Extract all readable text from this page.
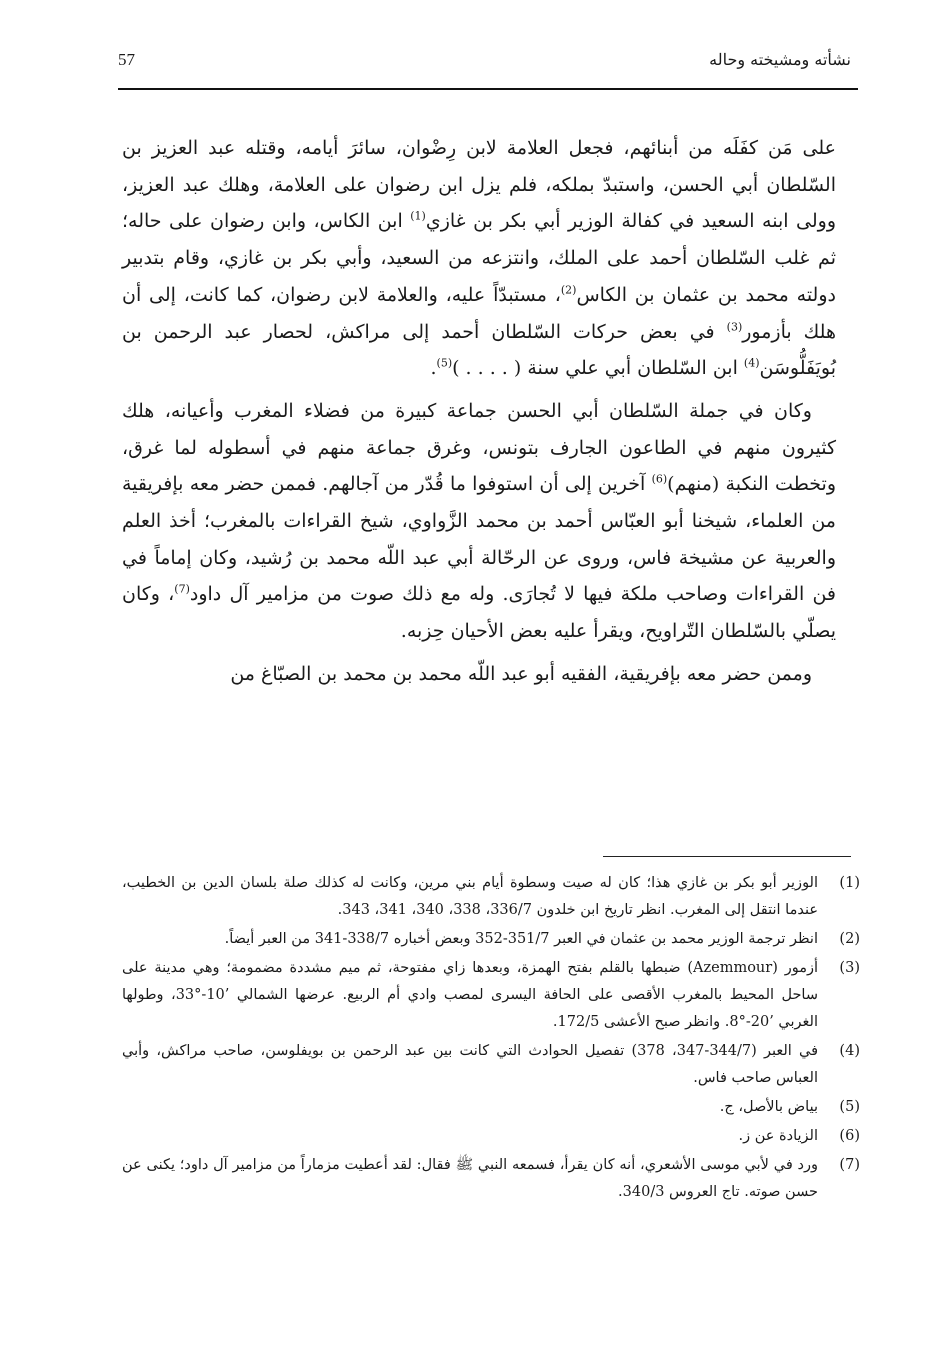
57	نشأته ومشيخته وحاله

على مَن كفَلَه من أبنائهم، فجعل العلامة لابن رِضْوان، سائرَ أيامه، وقتله عبد العزيز بن السّلطان أبي الحسن، واستبدّ بملكه، فلم يزل ابن رضوان على العلامة، وهلك عبد العزيز، وولى ابنه السعيد في كفالة الوزير أبي بكر بن غازي$^{(1)}$ ابن الكاس، وابن رضوان على حاله؛ ثم غلب السّلطان أحمد على الملك، وانتزعه من السعيد، وأبي بكر بن غازي، وقام بتدبير دولته محمد بن عثمان بن الكاس$^{(2)}$، مستبدّاً عليه، والعلامة لابن رضوان، كما كانت، إلى أن هلك بأزمور$^{(3)}$ في بعض حركات السّلطان أحمد إلى مراكش، لحصار عبد الرحمن بن بُويَفَلُّوسَن$^{(4)}$ ابن السّلطان أبي علي سنة ( . . . . )$^{(5)}$.

وكان في جملة السّلطان أبي الحسن جماعة كبيرة من فضلاء المغرب وأعيانه، هلك كثيرون منهم في الطاعون الجارف بتونس، وغرق جماعة منهم في أسطوله لما غرق، وتخطت النكبة (منهم)$^{(6)}$ آخرين إلى أن استوفوا ما قُدّر من آجالهم. فممن حضر معه بإفريقية من العلماء، شيخنا أبو العبّاس أحمد بن محمد الزَّواوي، شيخ القراءات بالمغرب؛ أخذ العلم والعربية عن مشيخة فاس، وروى عن الرحّالة أبي عبد اللّه محمد بن رُشيد، وكان إماماً في فن القراءات وصاحب ملكة فيها لا تُجارَى. وله مع ذلك صوت من مزامير آل داود$^{(7)}$، وكان يصلّي بالسّلطان التّراويح، ويقرأ عليه بعض الأحيان حِزبه.

وممن حضر معه بإفريقية، الفقيه أبو عبد اللّه محمد بن محمد بن الصبّاغ من

(1)
الوزير أبو بكر بن غازي هذا؛ كان له صيت وسطوة أيام بني مرين، وكانت له كذلك صلة بلسان الدين بن الخطيب، عندما انتقل إلى المغرب. انظر تاريخ ابن خلدون 336/7، 338، 340، 341، 343.
(2)
انظر ترجمة الوزير محمد بن عثمان في العبر 351/7-352 وبعض أخباره 338/7-341 من العبر أيضاً.
(3)
أزمور (Azemmour) ضبطها بالقلم بفتح الهمزة، وبعدها زاي مفتوحة، ثم ميم مشددة مضمومة؛ وهي مدينة على ساحل المحيط بالمغرب الأقصى على الحافة اليسرى لمصب وادي أم الربيع. عرضها الشمالي ’10-°33، وطولها الغربي ’20-°8. وانظر صبح الأعشى 172/5.
(4)
في العبر (344/7-347، 378) تفصيل الحوادث التي كانت بين عبد الرحمن بن بويفلوسن، صاحب مراكش، وأبي العباس صاحب فاس.
(5)
بياض بالأصل، ج.
(6)
الزيادة عن ز.
(7)
ورد في لأبي موسى الأشعري، أنه كان يقرأ، فسمعه النبي ﷺ فقال: لقد أعطيت مزماراً من مزامير آل داود؛ يكنى عن حسن صوته. تاج العروس 340/3.
